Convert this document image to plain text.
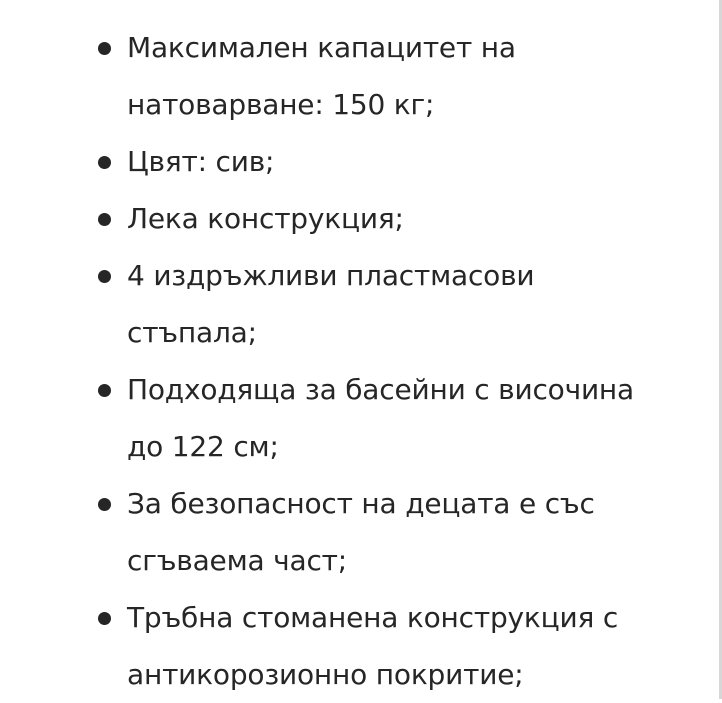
Максимален капацитет на
натоварване: 150 кг;
Цвят: сив;
Лека конструкция;
4 издръжливи пластмасови
стъпала;
Подходяща за басейни с височина
до 122 см;
За безопасност на децата е със
сгъваема част;
Тръбна стоманена конструкция с
антикорозионно покритие;
